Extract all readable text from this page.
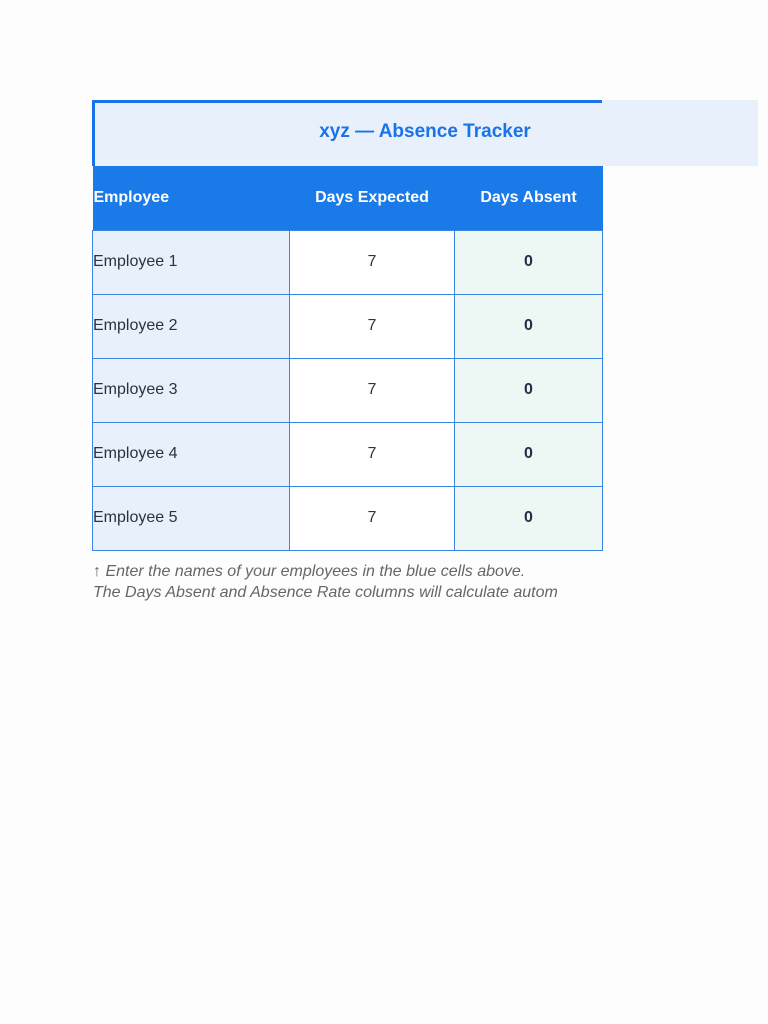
xyz — Absence Tracker
Employee	Days Expected	Days Absent
Employee 1	7	0
Employee 2	7	0
Employee 3	7	0
Employee 4	7	0
Employee 5	7	0
↑ Enter the names of your employees in the blue cells above.
The Days Absent and Absence Rate columns will calculate autom
